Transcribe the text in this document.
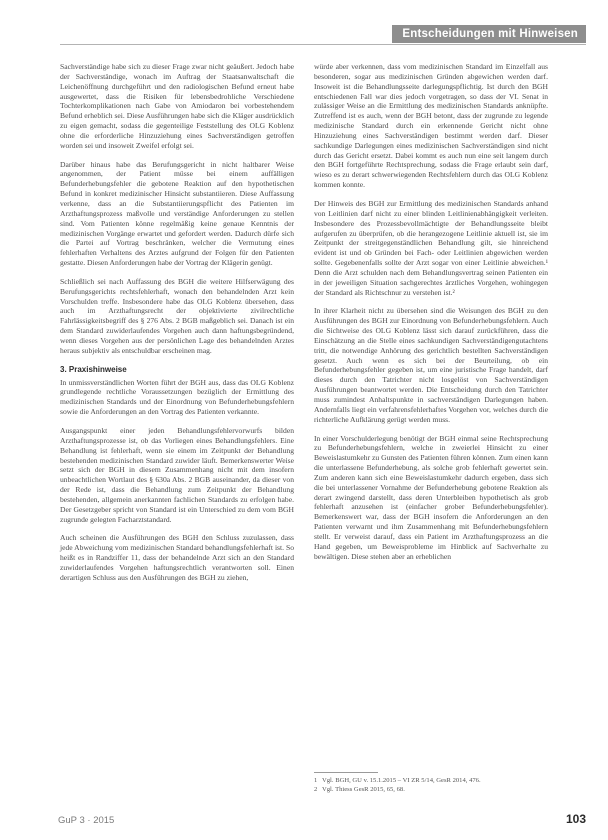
Entscheidungen mit Hinweisen

Sachverständige habe sich zu dieser Frage zwar nicht geäußert. Jedoch habe der Sachverständige, wonach im Auftrag der Staatsanwaltschaft die Leichenöffnung durchgeführt und den radiologischen Befund erneut habe ausgewertet, dass die Risiken für lebensbedrohliche Verschiedene Tochterkomplikationen nach Gabe von Amiodaron bei vorbestehendem Befund erheblich sei. Diese Ausführungen habe sich die Kläger ausdrücklich zu eigen gemacht, sodass die gegenteilige Feststellung des OLG Koblenz ohne die erforderliche Hinzuziehung eines Sachverständigen getroffen worden sei und insoweit Zweifel erfolgt sei.

Darüber hinaus habe das Berufungsgericht in nicht haltbarer Weise angenommen, der Patient müsse bei einem auffälligen Befunderhebungsfehler die gebotene Reaktion auf den hypothetischen Befund in konkret medizinischer Hinsicht substantiieren. Diese Auffassung verkenne, dass an die Substantiierungspflicht des Patienten im Arzthaftungsprozess maßvolle und verständige Anforderungen zu stellen sind. Vom Patienten könne regelmäßig keine genaue Kenntnis der medizinischen Vorgänge erwartet und gefordert werden. Dadurch dürfe sich die Partei auf Vortrag beschränken, welcher die Vermutung eines fehlerhaften Verhaltens des Arztes aufgrund der Folgen für den Patienten gestatte. Diesen Anforderungen habe der Vortrag der Klägerin genügt.

Schließlich sei nach Auffassung des BGH die weitere Hilfserwägung des Berufungsgerichts rechtsfehlerhaft, wonach den behandelnden Arzt kein Vorschulden treffe. Insbesondere habe das OLG Koblenz übersehen, dass auch im Arzthaftungsrecht der objektivierte zivilrechtliche Fahrlässigkeitsbegriff des § 276 Abs. 2 BGB maßgeblich sei. Danach ist ein dem Standard zuwiderlaufendes Vorgehen auch dann haftungsbegründend, wenn dieses Vorgehen aus der persönlichen Lage des behandelnden Arztes heraus subjektiv als entschuldbar erscheinen mag.

3. Praxishinweise

In unmissverständlichen Worten führt der BGH aus, dass das OLG Koblenz grundlegende rechtliche Voraussetzungen bezüglich der Ermittlung des medizinischen Standards und der Einordnung von Befunderhebungsfehlern sowie die Anforderungen an den Vortrag des Patienten verkannte.

Ausgangspunkt einer jeden Behandlungsfehlervorwurfs bilden Arzthaftungsprozesse ist, ob das Vorliegen eines Behandlungsfehlers. Eine Behandlung ist fehlerhaft, wenn sie einem im Zeitpunkt der Behandlung bestehenden medizinischen Standard zuwider läuft. Bemerkenswerter Weise setzt sich der BGH in diesem Zusammenhang nicht mit dem insofern unbeachtlichen Wortlaut des § 630a Abs. 2 BGB auseinander, da dieser von der Rede ist, dass die Behandlung zum Zeitpunkt der Behandlung bestehenden, allgemein anerkannten fachlichen Standards zu erfolgen habe. Der Gesetzgeber spricht von Standard ist ein Unterschied zu dem vom BGH zugrunde gelegten Facharztstandard.

Auch scheinen die Ausführungen des BGH den Schluss zuzulassen, dass jede Abweichung vom medizinischen Standard behandlungsfehlerhaft ist. So heißt es in Randziffer 11, dass der behandelnde Arzt sich an den Standard zuwiderlaufendes Vorgehen haftungsrechtlich verantworten soll. Einen derartigen Schluss aus den Ausführungen des BGH zu ziehen,

würde aber verkennen, dass vom medizinischen Standard im Einzelfall aus besonderen, sogar aus medizinischen Gründen abgewichen werden darf. Insoweit ist die Behandlungsseite darlegungspflichtig. Ist durch den BGH entschiedenen Fall war dies jedoch vorgetragen, so dass der VI. Senat in zulässiger Weise an die Ermittlung des medizinischen Standards anknüpfte. Zutreffend ist es auch, wenn der BGH betont, dass der zugrunde zu legende medizinische Standard durch ein erkennende Gericht nicht ohne Hinzuziehung eines Sachverständigen bestimmt werden darf. Dieser sachkundige Darlegungen eines medizinischen Sachverständigen sind nicht durch das Gericht ersetzt. Dabei kommt es auch nun eine seit langem durch den BGH fortgeführte Rechtsprechung, sodass die Frage erlaubt sein darf, wieso es zu derart schwerwiegenden Rechtsfehlern durch das OLG Koblenz kommen konnte.

Der Hinweis des BGH zur Ermittlung des medizinischen Standards anhand von Leitlinien darf nicht zu einer blinden Leitlinienabhängigkeit verleiten. Insbesondere des Prozessbevollmächtigte der Behandlungsseite bleibt aufgerufen zu überprüfen, ob die herangezogene Leitlinie aktuell ist, sie im Zeitpunkt der streitgegenständlichen Behandlung gilt, sie hinreichend evident ist und ob Gründen bei Fach- oder Leitlinien abgewichen werden sollte. Gegebenenfalls sollte der Arzt sogar von einer Leitlinie abweichen.¹ Denn die Arzt schulden nach dem Behandlungsvertrag seinen Patienten ein in der jeweiligen Situation sachgerechtes ärztliches Vorgehen, wohingegen der Standard als Richtschnur zu verstehen ist.²

In ihrer Klarheit nicht zu übersehen sind die Weisungen des BGH zu den Ausführungen des BGH zur Einordnung von Befunderhebungsfehlern. Auch die Sichtweise des OLG Koblenz lässt sich darauf zurückführen, dass die Einschätzung an die Stelle eines sachkundigen Sachverständigengutachtens tritt, die notwendige Anhörung des gerichtlich bestellten Sachverständigen gesetzt. Auch wenn es sich bei der Beurteilung, ob ein Befunderhebungsfehler gegeben ist, um eine juristische Frage handelt, darf dieses durch den Tatrichter nicht losgelöst von Sachverständigen Ausführungen beantwortet werden. Die Entscheidung durch den Tatrichter muss zumindest Anhaltspunkte in sachverständigen Darlegungen haben. Andernfalls liegt ein verfahrensfehlerhaftes Vorgehen vor, welches durch die richterliche Aufklärung gerügt werden muss.

In einer Vorschulderlegung benötigt der BGH einmal seine Rechtsprechung zu Befunderhebungsfehlern, welche in zweierlei Hinsicht zu einer Beweislastumkehr zu Gunsten des Patienten führen können. Zum einen kann die unterlassene Befunderhebung, als solche grob fehlerhaft gewertet sein. Zum anderen kann sich eine Beweislastumkehr dadurch ergeben, dass sich die bei unterlassener Vornahme der Befunderhebung gebotene Reaktion als derart zwingend darstellt, dass deren Unterbleiben hypothetisch als grob fehlerhaft anzusehen ist (einfacher grober Befunderhebungsfehler). Bemerkenswert war, dass der BGH insofern die Anforderungen an den Patienten verwarnt und ihm Zusammenhang mit Befunderhebungsfehlern stellt. Er verweist darauf, dass ein Patient im Arzthaftungsprozess an die Hand gegeben, um Beweisprobleme im Hinblick auf Sachverhalte zu bewältigen. Diese stehen aber an erheblichen

1 Vgl. BGH, GU v. 15.1.2015 – VI ZR 5/14, GesR 2014, 476.
2 Vgl. Thiess GesR 2015, 65, 68.
GuP 3 · 2015	103
